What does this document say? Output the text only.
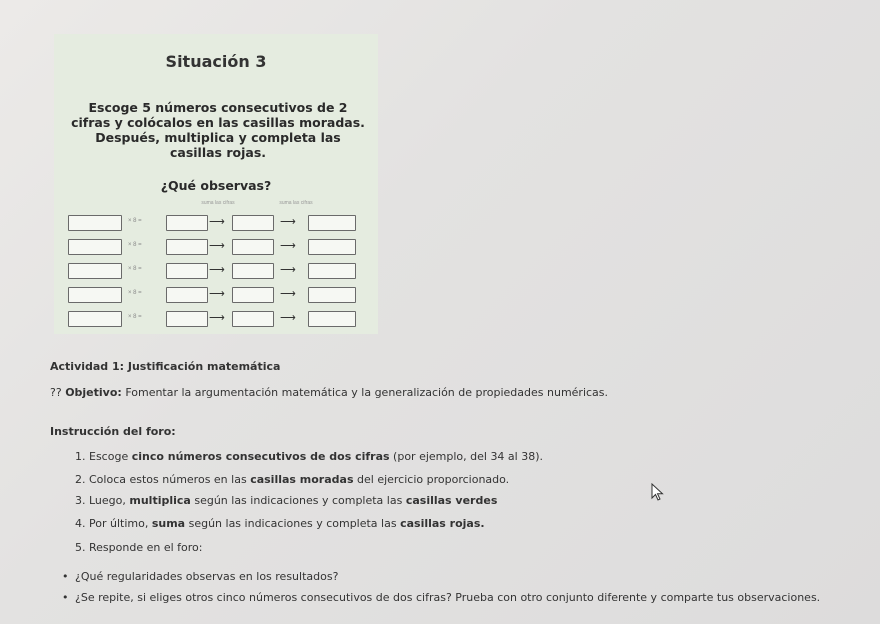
Situación 3
Escoge 5 números consecutivos de 2 cifras y colócalos en las casillas moradas. Después, multiplica y completa las casillas rojas.
¿Qué observas?
suma las cifras	suma las cifras
× 8 =	⟶	⟶
× 8 =	⟶	⟶
× 8 =	⟶	⟶
× 8 =	⟶	⟶
× 8 =	⟶	⟶
Actividad 1: Justificación matemática
?? Objetivo: Fomentar la argumentación matemática y la generalización de propiedades numéricas.
Instrucción del foro:
1. Escoge cinco números consecutivos de dos cifras (por ejemplo, del 34 al 38).
2. Coloca estos números en las casillas moradas del ejercicio proporcionado.
3. Luego, multiplica según las indicaciones y completa las casillas verdes
4. Por último, suma según las indicaciones y completa las casillas rojas.
5. Responde en el foro:
• ¿Qué regularidades observas en los resultados?
• ¿Se repite, si eliges otros cinco números consecutivos de dos cifras? Prueba con otro conjunto diferente y comparte tus observaciones.
